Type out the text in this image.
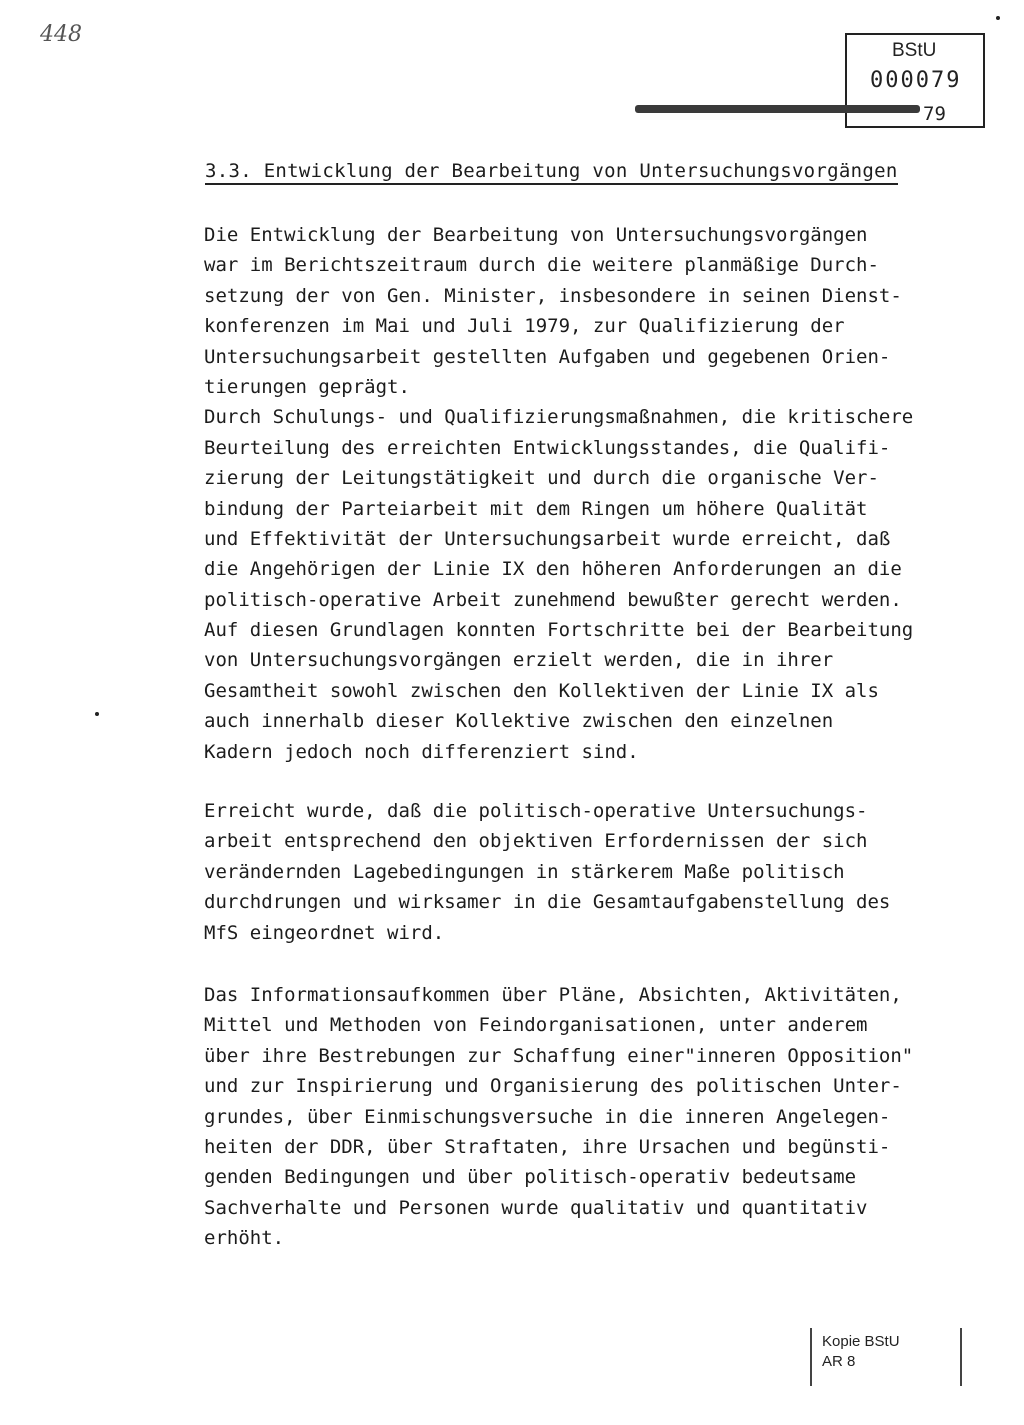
448
BStU
000079
79
3.3. Entwicklung der Bearbeitung von Untersuchungsvorgängen
Die Entwicklung der Bearbeitung von Untersuchungsvorgängen
war im Berichtszeitraum durch die weitere planmäßige Durch-
setzung der von Gen. Minister, insbesondere in seinen Dienst-
konferenzen im Mai und Juli 1979, zur Qualifizierung der
Untersuchungsarbeit gestellten Aufgaben und gegebenen Orien-
tierungen geprägt.
Durch Schulungs- und Qualifizierungsmaßnahmen, die kritischere
Beurteilung des erreichten Entwicklungsstandes, die Qualifi-
zierung der Leitungstätigkeit und durch die organische Ver-
bindung der Parteiarbeit mit dem Ringen um höhere Qualität
und Effektivität der Untersuchungsarbeit wurde erreicht, daß
die Angehörigen der Linie IX den höheren Anforderungen an die
politisch-operative Arbeit zunehmend bewußter gerecht werden.
Auf diesen Grundlagen konnten Fortschritte bei der Bearbeitung
von Untersuchungsvorgängen erzielt werden, die in ihrer
Gesamtheit sowohl zwischen den Kollektiven der Linie IX als
auch innerhalb dieser Kollektive zwischen den einzelnen
Kadern jedoch noch differenziert sind.
Erreicht wurde, daß die politisch-operative Untersuchungs-
arbeit entsprechend den objektiven Erfordernissen der sich
verändernden Lagebedingungen in stärkerem Maße politisch
durchdrungen und wirksamer in die Gesamtaufgabenstellung des
MfS eingeordnet wird.
Das Informationsaufkommen über Pläne, Absichten, Aktivitäten,
Mittel und Methoden von Feindorganisationen, unter anderem
über ihre Bestrebungen zur Schaffung einer"inneren Opposition"
und zur Inspirierung und Organisierung des politischen Unter-
grundes, über Einmischungsversuche in die inneren Angelegen-
heiten der DDR, über Straftaten, ihre Ursachen und begünsti-
genden Bedingungen und über politisch-operativ bedeutsame
Sachverhalte und Personen wurde qualitativ und quantitativ
erhöht.
Kopie BStU
AR 8
